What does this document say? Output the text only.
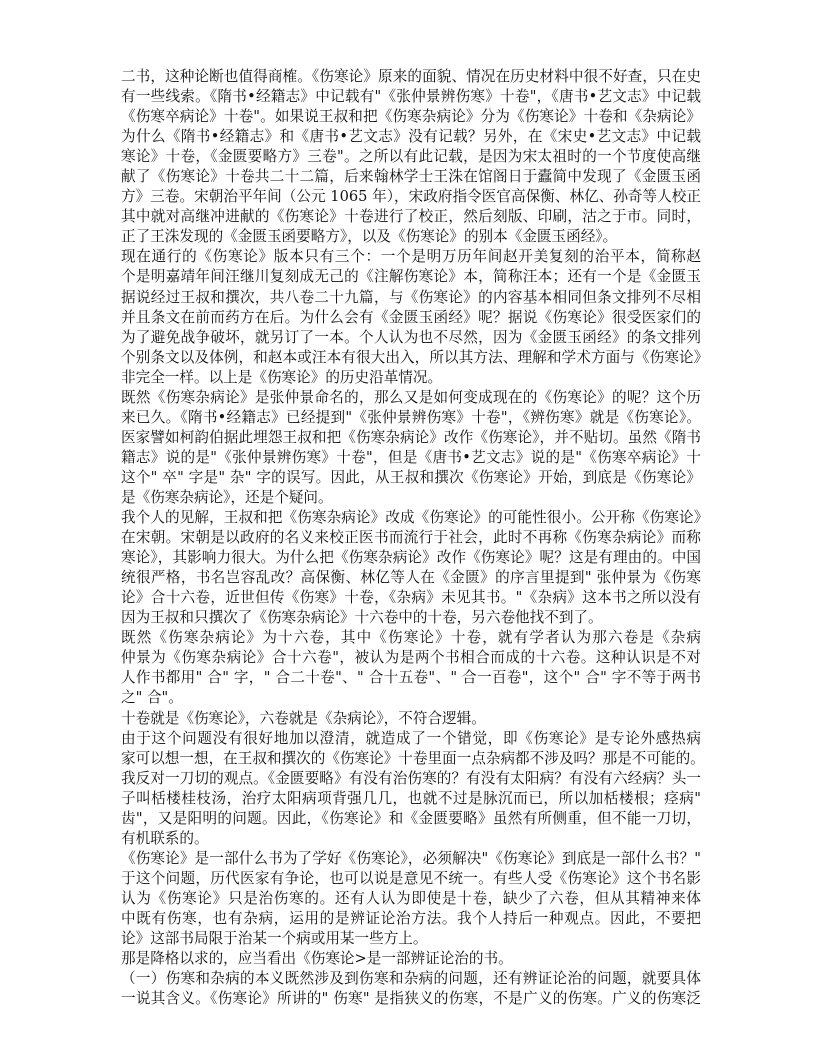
二书，这种论断也值得商榷。《伤寒论》原来的面貌、情况在历史材料中很不好查，只在史
有一些线索。《隋书•经籍志》中记载有"《张仲景辨伤寒》十卷"，《唐书•艺文志》中记载
《伤寒卒病论》十卷"。如果说王叔和把《伤寒杂病论》分为《伤寒论》十卷和《杂病论》
为什么《隋书•经籍志》和《唐书•艺文志》没有记载？另外，在《宋史•艺文志》中记载
寒论》十卷，《金匮要略方》三卷"。之所以有此记载，是因为宋太祖时的一个节度使高继
献了《伤寒论》十卷共二十二篇，后来翰林学士王洙在馆阁日于蠹简中发现了《金匮玉函
方》三卷。宋朝治平年间（公元 1065 年），宋政府指令医官高保衡、林亿、孙奇等人校正
其中就对高继冲进献的《伤寒论》十卷进行了校正，然后刻版、印刷，沽之于市。同时，
正了王洙发现的《金匮玉函要略方》，以及《伤寒论》的别本《金匮玉函经》。
现在通行的《伤寒论》版本只有三个：一个是明万历年间赵开美复刻的治平本，简称赵
个是明嘉靖年间汪继川复刻成无己的《注解伤寒论》本，简称汪本；还有一个是《金匮玉
据说经过王叔和撰次，共八卷二十九篇，与《伤寒论》的内容基本相同但条文排列不尽相
并且条文在前而药方在后。为什么会有《金匮玉函经》呢？据说《伤寒论》很受医家们的
为了避免战争破坏，就另订了一本。个人认为也不尽然，因为《金匮玉函经》的条文排列
个别条文以及体例，和赵本或汪本有很大出入，所以其方法、理解和学术方面与《伤寒论》
非完全一样。以上是《伤寒论》的历史沿革情况。
既然《伤寒杂病论》是张仲景命名的，那么又是如何变成现在的《伤寒论》的呢？这个历
来已久。《隋书•经籍志》已经提到"《张仲景辨伤寒》十卷"，《辨伤寒》就是《伤寒论》。
医家譬如柯韵伯据此埋怨王叔和把《伤寒杂病论》改作《伤寒论》，并不贴切。虽然《隋书
籍志》说的是"《张仲景辨伤寒》十卷"，但是《唐书•艺文志》说的是"《伤寒卒病论》十
这个" 卒" 字是" 杂" 字的误写。因此，从王叔和撰次《伤寒论》开始，到底是《伤寒论》
是《伤寒杂病论》，还是个疑问。
我个人的见解，王叔和把《伤寒杂病论》改成《伤寒论》的可能性很小。公开称《伤寒论》
在宋朝。宋朝是以政府的名义来校正医书而流行于社会，此时不再称《伤寒杂病论》而称
寒论》，其影响力很大。为什么把《伤寒杂病论》改作《伤寒论》呢？这是有理由的。中国
统很严格，书名岂容乱改？高保衡、林亿等人在《金匮》的序言里提到" 张仲景为《伤寒
论》合十六卷，近世但传《伤寒》十卷，《杂病》未见其书。"《杂病》这本书之所以没有
因为王叔和只撰次了《伤寒杂病论》十六卷中的十卷，另六卷他找不到了。
既然《伤寒杂病论》为十六卷，其中《伤寒论》十卷，就有学者认为那六卷是《杂病
仲景为《伤寒杂病论》合十六卷"，被认为是两个书相合而成的十六卷。这种认识是不对
人作书都用" 合" 字，" 合二十卷"、" 合十五卷"、" 合一百卷"，这个" 合" 字不等于两书
之" 合"。
十卷就是《伤寒论》，六卷就是《杂病论》，不符合逻辑。
由于这个问题没有很好地加以澄清，就造成了一个错觉，即《伤寒论》是专论外感热病
家可以想一想，在王叔和撰次的《伤寒论》十卷里面一点杂病都不涉及吗？那是不可能的。
我反对一刀切的观点。《金匮要略》有没有治伤寒的？有没有太阳病？有没有六经病？头一
子叫栝楼桂枝汤，治疗太阳病项背强几几，也就不过是脉沉而已，所以加栝楼根；痉病"
齿"，又是阳明的问题。因此，《伤寒论》和《金匮要略》虽然有所侧重，但不能一刀切，
有机联系的。
《伤寒论》是一部什么书为了学好《伤寒论》，必须解决"《伤寒论》到底是一部什么书？"
于这个问题，历代医家有争论，也可以说是意见不统一。有些人受《伤寒论》这个书名影
认为《伤寒论》只是治伤寒的。还有人认为即使是十卷，缺少了六卷，但从其精神来体
中既有伤寒，也有杂病，运用的是辨证论治方法。我个人持后一种观点。因此，不要把
论》这部书局限于治某一个病或用某一些方上。
那是降格以求的，应当看出《伤寒论>是一部辨证论治的书。
（一）伤寒和杂病的本义既然涉及到伤寒和杂病的问题，还有辨证论治的问题，就要具体
一说其含义。《伤寒论》所讲的" 伤寒" 是指狭义的伤寒，不是广义的伤寒。广义的伤寒泛
